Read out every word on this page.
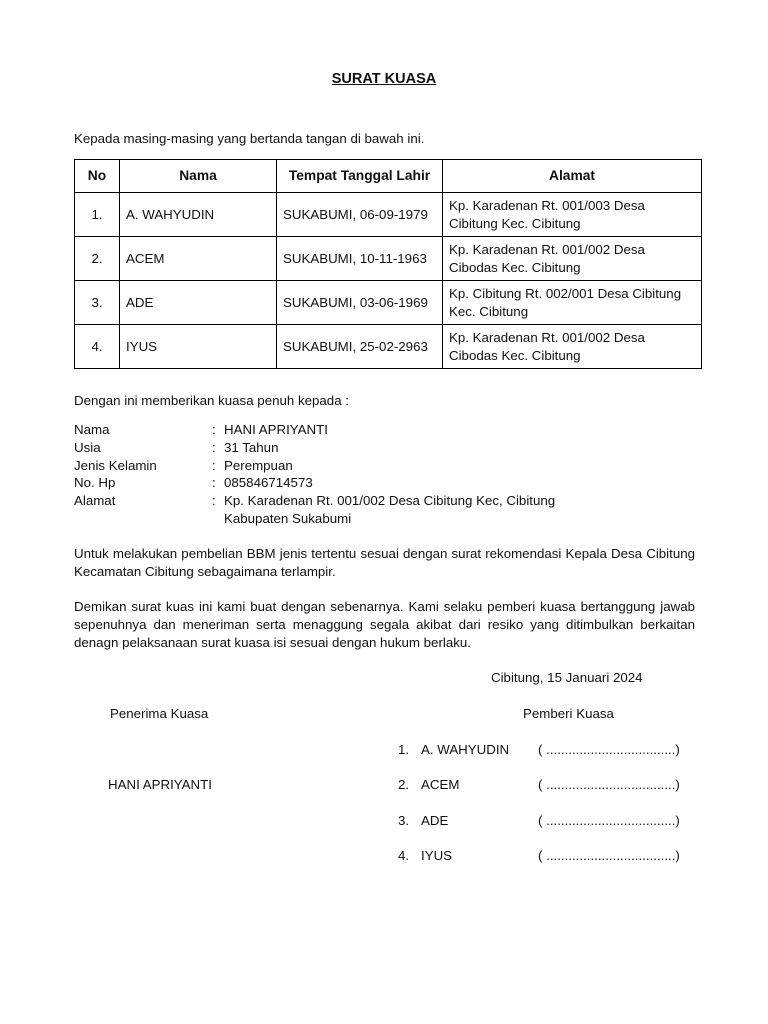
SURAT KUASA
Kepada masing-masing yang bertanda tangan di bawah ini.
No	Nama	Tempat Tanggal Lahir	Alamat
1.	A. WAHYUDIN	SUKABUMI, 06-09-1979	Kp. Karadenan Rt. 001/003 Desa Cibitung Kec. Cibitung
2.	ACEM	SUKABUMI, 10-11-1963	Kp. Karadenan Rt. 001/002 Desa Cibodas Kec. Cibitung
3.	ADE	SUKABUMI, 03-06-1969	Kp. Cibitung Rt. 002/001 Desa Cibitung Kec. Cibitung
4.	IYUS	SUKABUMI, 25-02-2963	Kp. Karadenan Rt. 001/002 Desa Cibodas Kec. Cibitung
Dengan ini memberikan kuasa penuh kepada :
Nama	: HANI APRIYANTI
Usia	: 31 Tahun
Jenis Kelamin	: Perempuan
No. Hp	: 085846714573
Alamat	: Kp. Karadenan Rt. 001/002 Desa Cibitung Kec, Cibitung
Kabupaten Sukabumi
Untuk melakukan pembelian BBM jenis tertentu sesuai dengan surat rekomendasi Kepala Desa Cibitung Kecamatan Cibitung sebagaimana terlampir.
Demikan surat kuas ini kami buat dengan sebenarnya. Kami selaku pemberi kuasa bertanggung jawab sepenuhnya dan meneriman serta menaggung segala akibat dari resiko yang ditimbulkan berkaitan denagn pelaksanaan surat kuasa isi sesuai dengan hukum berlaku.
Cibitung, 15 Januari 2024
Penerima Kuasa	Pemberi Kuasa
HANI APRIYANTI
1. A. WAHYUDIN ( ...................................)
2. ACEM	( ...................................)
3. ADE	( ...................................)
4. IYUS	( ...................................)
